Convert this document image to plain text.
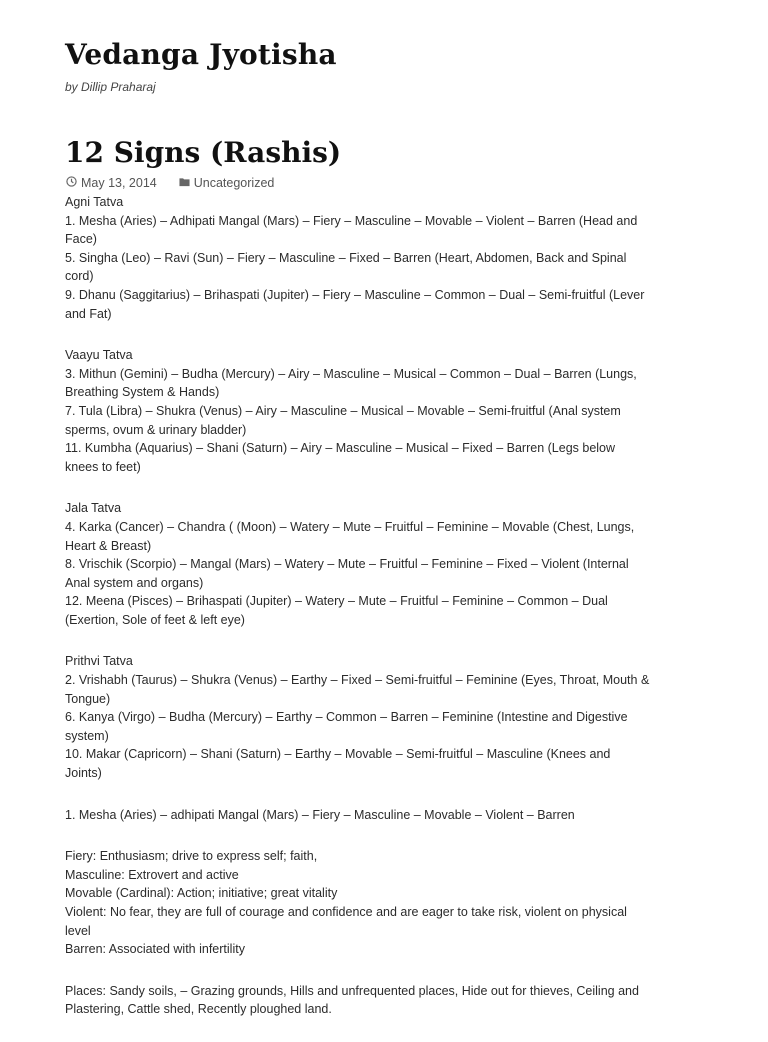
Vedanga Jyotisha
by Dillip Praharaj
12 Signs (Rashis)
May 13, 2014	Uncategorized

Agni Tatva
1. Mesha (Aries) – Adhipati Mangal (Mars) – Fiery – Masculine – Movable – Violent – Barren (Head and Face)
5. Singha (Leo) – Ravi (Sun) – Fiery – Masculine – Fixed – Barren (Heart, Abdomen, Back and Spinal cord)
9. Dhanu (Saggitarius) – Brihaspati (Jupiter) – Fiery – Masculine – Common – Dual – Semi-fruitful (Lever and Fat)

Vaayu Tatva
3. Mithun (Gemini) – Budha (Mercury) – Airy – Masculine – Musical – Common – Dual – Barren (Lungs, Breathing System & Hands)
7. Tula (Libra) – Shukra (Venus) – Airy – Masculine – Musical – Movable – Semi-fruitful (Anal system sperms, ovum & urinary bladder)
11. Kumbha (Aquarius) – Shani (Saturn) – Airy – Masculine – Musical – Fixed – Barren (Legs below knees to feet)

Jala Tatva
4. Karka (Cancer) – Chandra ( (Moon) – Watery – Mute – Fruitful – Feminine – Movable (Chest, Lungs, Heart & Breast)
8. Vrischik (Scorpio) – Mangal (Mars) – Watery – Mute – Fruitful – Feminine – Fixed – Violent (Internal Anal system and organs)
12. Meena (Pisces) – Brihaspati (Jupiter) – Watery – Mute – Fruitful – Feminine – Common – Dual (Exertion, Sole of feet & left eye)

Prithvi Tatva
2. Vrishabh (Taurus) – Shukra (Venus) – Earthy – Fixed – Semi-fruitful – Feminine (Eyes, Throat, Mouth & Tongue)
6. Kanya (Virgo) – Budha (Mercury) – Earthy – Common – Barren – Feminine (Intestine and Digestive system)
10. Makar (Capricorn) – Shani (Saturn) – Earthy – Movable – Semi-fruitful – Masculine (Knees and Joints)

1. Mesha (Aries) – adhipati Mangal (Mars) – Fiery – Masculine – Movable – Violent – Barren

Fiery: Enthusiasm; drive to express self; faith,
Masculine: Extrovert and active
Movable (Cardinal): Action; initiative; great vitality
Violent: No fear, they are full of courage and confidence and are eager to take risk, violent on physical level
Barren: Associated with infertility

Places: Sandy soils, – Grazing grounds, Hills and unfrequented places, Hide out for thieves, Ceiling and Plastering, Cattle shed, Recently ploughed land.
